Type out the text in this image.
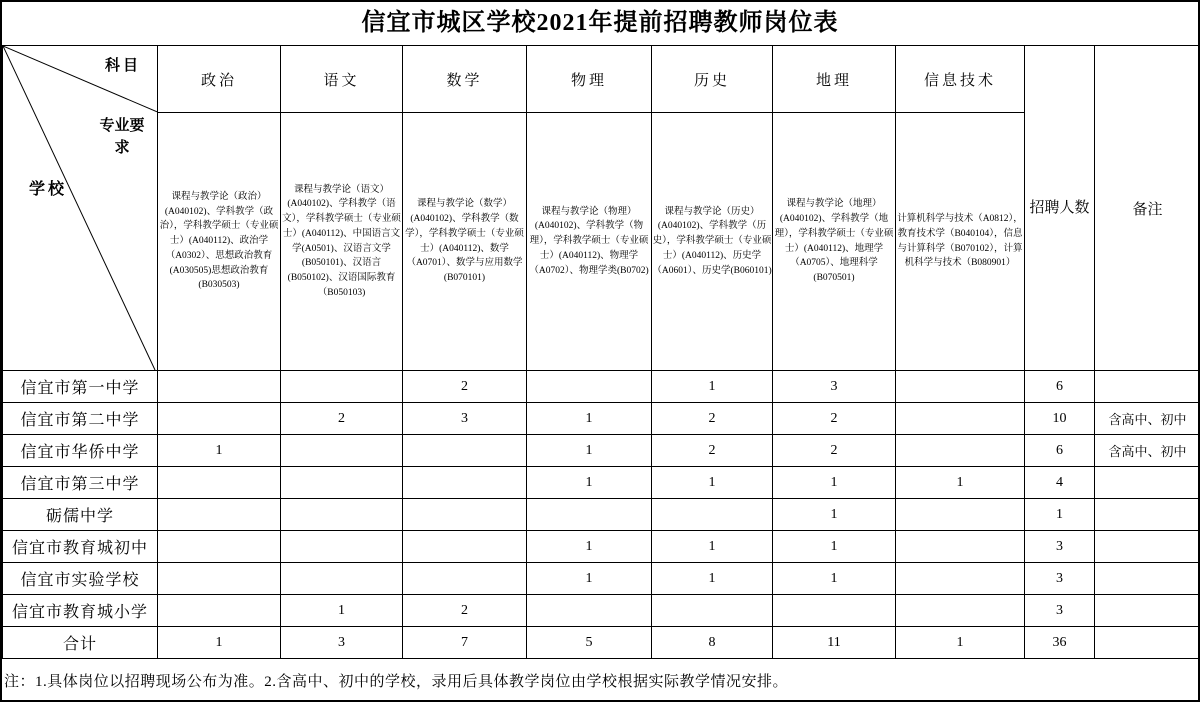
信宜市城区学校2021年提前招聘教师岗位表
科目
专业要求
学校	政治	语文	数学	物理	历史	地理	信息技术	招聘人数	备注
	课程与教学论（政治）(A040102)、学科教学（政治），学科教学硕士（专业硕士）(A040112)、政治学（A0302）、思想政治教育(A030505)思想政治教育(B030503)	课程与教学论（语文）(A040102)、学科教学（语文），学科教学硕士（专业硕士）(A040112)、中国语言文学(A0501)、汉语言文学(B050101)、汉语言(B050102)、汉语国际教育（B050103)	课程与教学论（数学）(A040102)、学科教学（数学），学科教学硕士（专业硕士）(A040112)、数学（A0701）、数学与应用数学(B070101)	课程与教学论（物理）(A040102)、学科教学（物理），学科教学硕士（专业硕士）(A040112)、物理学（A0702）、物理学类(B0702)	课程与教学论（历史）(A040102)、学科教学（历史），学科教学硕士（专业硕士）(A040112)、历史学（A0601）、历史学(B060101)	课程与教学论（地理）(A040102)、学科教学（地理），学科教学硕士（专业硕士）(A040112)、地理学（A0705）、地理科学(B070501)	计算机科学与技术（A0812），教育技术学（B040104），信息与计算科学（B070102），计算机科学与技术（B080901）		
信宜市第一中学			2		1	3		6	
信宜市第二中学		2	3	1	2	2		10	含高中、初中
信宜市华侨中学	1			1	2	2		6	含高中、初中
信宜市第三中学				1	1	1	1	4	
砺儒中学						1		1	
信宜市教育城初中				1	1	1		3	
信宜市实验学校				1	1	1		3	
信宜市教育城小学		1	2					3	
合计	1	3	7	5	8	11	1	36	
注：1.具体岗位以招聘现场公布为准。2.含高中、初中的学校，录用后具体教学岗位由学校根据实际教学情况安排。
